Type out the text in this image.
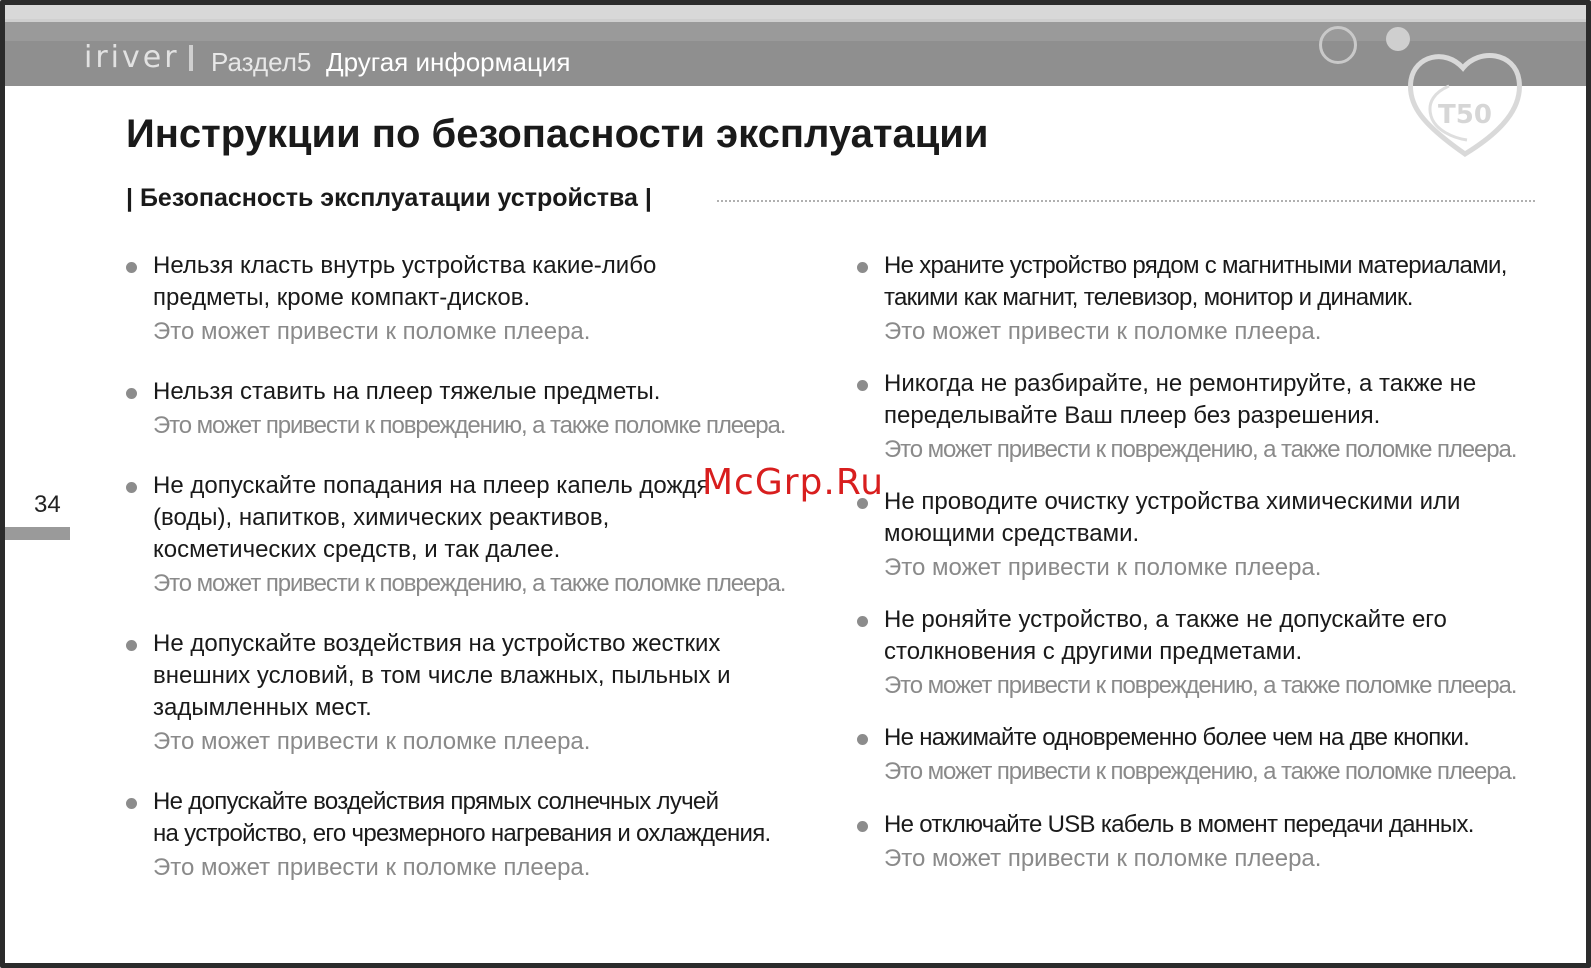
iriver Раздел5 Другая информация
T50
Инструкции по безопасности эксплуатации
| Безопасность эксплуатации устройства |
34

Нельзя класть внутрь устройства какие-либо
предметы, кроме компакт-дисков.

Это может привести к поломке плеера.

Нельзя ставить на плеер тяжелые предметы.

Это может привести к повреждению, а также поломке плеера.

Не допускайте попадания на плеер капель дождя
(воды), напитков, химических реактивов,
косметических средств, и так далее.

Это может привести к повреждению, а также поломке плеера.

Не допускайте воздействия на устройство жестких
внешних условий, в том числе влажных, пыльных и
задымленных мест.

Это может привести к поломке плеера.

Не допускайте воздействия прямых солнечных лучей
на устройство, его чрезмерного нагревания и охлаждения.

Это может привести к поломке плеера.

Не храните устройство рядом с магнитными материалами,
такими как магнит, телевизор, монитор и динамик.

Это может привести к поломке плеера.

Никогда не разбирайте, не ремонтируйте, а также не
переделывайте Ваш плеер без разрешения.

Это может привести к повреждению, а также поломке плеера.

Не проводите очистку устройства химическими или
моющими средствами.

Это может привести к поломке плеера.

Не роняйте устройство, а также не допускайте его
столкновения с другими предметами.

Это может привести к повреждению, а также поломке плеера.

Не нажимайте одновременно более чем на две кнопки.

Это может привести к повреждению, а также поломке плеера.

Не отключайте USB кабель в момент передачи данных.

Это может привести к поломке плеера.

McGrp.Ru
